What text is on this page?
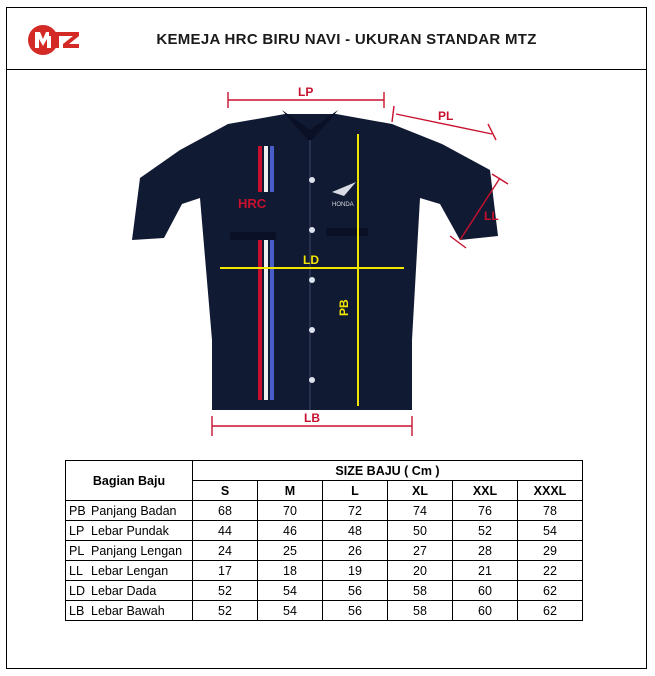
KEMEJA HRC BIRU NAVI - UKURAN STANDAR MTZ
HRC	HONDA
LP
PL
LL
LD
PB
LB
Bagian Baju	SIZE BAJU ( Cm )					
	S	M	L	XL	XXL	XXXL
PB Panjang Badan	68	70	72	74	76	78
LP Lebar Pundak	44	46	48	50	52	54
PL Panjang Lengan	24	25	26	27	28	29
LL Lebar Lengan	17	18	19	20	21	22
LD Lebar Dada	52	54	56	58	60	62
LB Lebar Bawah	52	54	56	58	60	62
